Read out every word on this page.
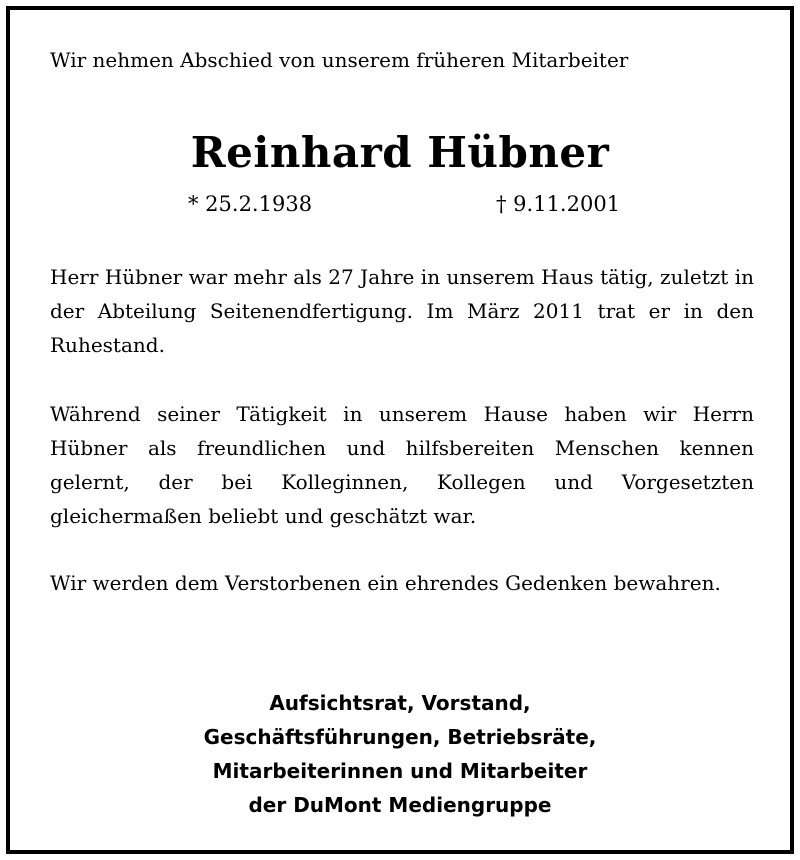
Wir nehmen Abschied von unserem früheren Mitarbeiter

Reinhard Hübner
* 25.2.1938	† 9.11.2001

Herr Hübner war mehr als 27 Jahre in unserem Haus tätig, zuletzt in der Abteilung Seitenendfertigung. Im März 2011 trat er in den Ruhestand.

Während seiner Tätigkeit in unserem Hause haben wir Herrn Hübner als freundlichen und hilfsbereiten Menschen kennen gelernt, der bei Kolleginnen, Kollegen und Vorgesetzten gleichermaßen beliebt und geschätzt war.

Wir werden dem Verstorbenen ein ehrendes Gedenken bewahren.

Aufsichtsrat, Vorstand,
Geschäftsführungen, Betriebsräte,
Mitarbeiterinnen und Mitarbeiter
der DuMont Mediengruppe
